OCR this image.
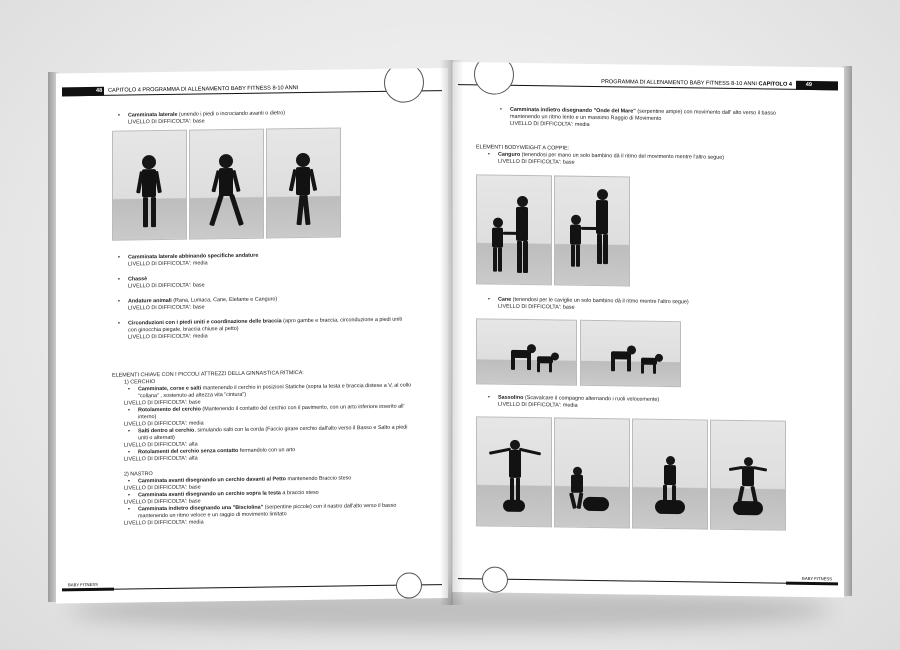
48 CAPITOLO 4 PROGRAMMA DI ALLENAMENTO BABY FITNESS 8-10 ANNI
• Camminata laterale (unendo i piedi o incrociando avanti o dietro)
LIVELLO DI DIFFICOLTA': base
• Camminata laterale abbinando specifiche andature
LIVELLO DI DIFFICOLTA': media
• Chassè
LIVELLO DI DIFFICOLTA': base
• Andature animali (Rana, Lumaca, Cane, Elefante e Canguro)
LIVELLO DI DIFFICOLTA': base
• Circonduzioni con i piedi uniti e coordinazione delle braccia (apro gambe e braccia, circonduzione a piedi uniti con ginocchia piegate, braccia chiuse al petto)
LIVELLO DI DIFFICOLTA': media
ELEMENTI CHIAVE CON I PICCOLI ATTREZZI DELLA GINNASTICA RITMICA:
1) CERCHIO
• Camminate, corse e salti mantenendo il cerchio in posizioni Statiche (sopra la testa e braccia distese a V, al collo "collana" , sostenuto ad altezza vita "cintura")
LIVELLO DI DIFFICOLTA': base
• Rotolamento del cerchio (Mantenendo il contatto del cerchio con il pavimento, con un arto inferiore inserito all' interno)
LIVELLO DI DIFFICOLTA': media
• Salti dentro al cerchio, simulando salti con la corda (Faccio girare cerchio dall'alto verso il Basso e Salto a piedi uniti o alternati)
LIVELLO DI DIFFICOLTA': alta
• Rotolamenti del cerchio senza contatto fermandolo con un arto
LIVELLO DI DIFFICOLTA': alta
2) NASTRO
• Camminata avanti disegnando un cerchio davanti al Petto mantenendo Braccio steso
LIVELLO DI DIFFICOLTA': base
• Camminata avanti disegnando un cerchio sopra la testa a braccio steso
LIVELLO DI DIFFICOLTA': base
• Camminata indietro disegnando una "Bisciolina" (serpentine piccole) con il nastro dall'alto verso il basso mantenendo un ritmo veloce e un raggio di movimento limitato
LIVELLO DI DIFFICOLTA': media
BABY FITNESS
49
PROGRAMMA DI ALLENAMENTO BABY FITNESS 8-10 ANNI CAPITOLO 4
• Camminata indietro disegnando "Onde del Mare" (serpentine ampie) con movimento dall' alto verso il basso mantenendo un ritmo lento e un massimo Raggio di Movimento
LIVELLO DI DIFFICOLTA': media
ELEMENTI BODYWEIGHT A COPPIE:
• Canguro (tenendosi per mano un solo bambino dà il ritmo del movimento mentre l'altro segue)
LIVELLO DI DIFFICOLTA': base
• Cane (tenendosi per le caviglie un solo bambino dà il ritmo mentre l'altro segue)
LIVELLO DI DIFFICOLTA': base
• Sassolino (Scavalcare il compagno alternando i ruoli velocemente)
LIVELLO DI DIFFICOLTA': media
BABY FITNESS
